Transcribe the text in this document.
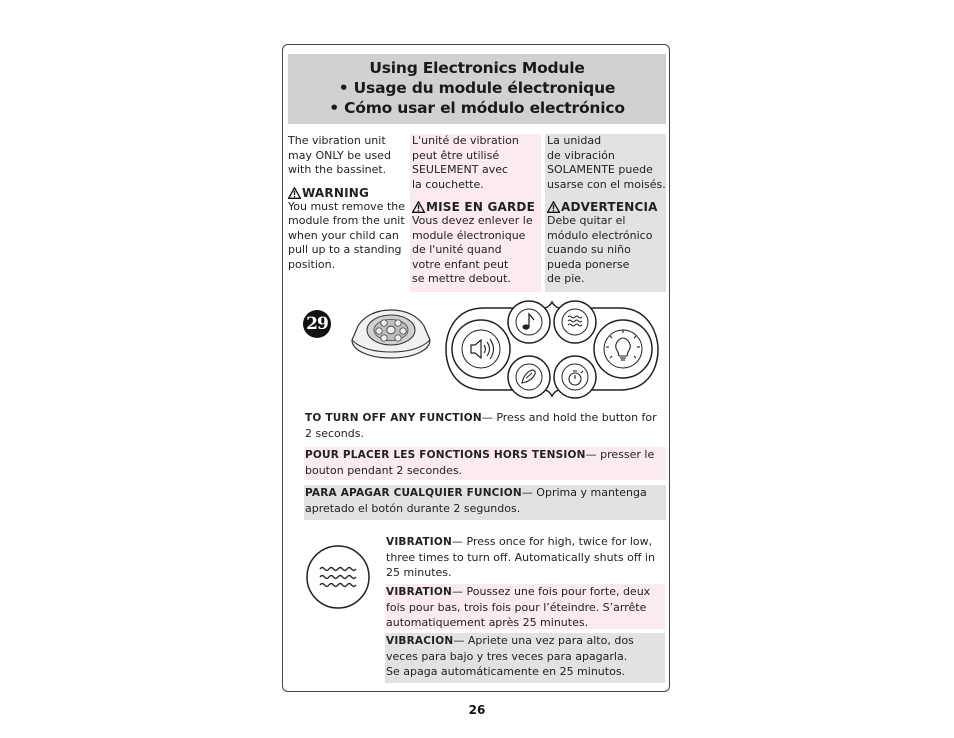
Using Electronics Module
• Usage du module électronique
• Cómo usar el módulo electrónico

The vibration unit

may ONLY be used

with the bassinet.

WARNING

You must remove the

module from the unit

when your child can

pull up to a standing

position.

L'unité de vibration

peut être utilisé

SEULEMENT avec

la couchette.

MISE EN GARDE

Vous devez enlever le

module électronique

de l'unité quand

votre enfant peut

se mettre debout.

La unidad

de vibración

SOLAMENTE puede

usarse con el moisés.

ADVERTENCIA

Debe quitar el

módulo electrónico

cuando su niño

pueda ponerse

de pie.

29
TO TURN OFF ANY FUNCTION— Press and hold the button for 2 seconds.
POUR PLACER LES FONCTIONS HORS TENSION— presser le bouton pendant 2 secondes.
PARA APAGAR CUALQUIER FUNCION— Oprima y mantenga apretado el botón durante 2 segundos.
VIBRATION— Press once for high, twice for low, three times to turn off. Automatically shuts off in 25 minutes.
VIBRATION— Poussez une fois pour forte, deux fois pour bas, trois fois pour l’éteindre. S’arrête automatiquement après 25 minutes.
VIBRACION— Apriete una vez para alto, dos veces para bajo y tres veces para apagarla.
Se apaga automáticamente en 25 minutos.
26
